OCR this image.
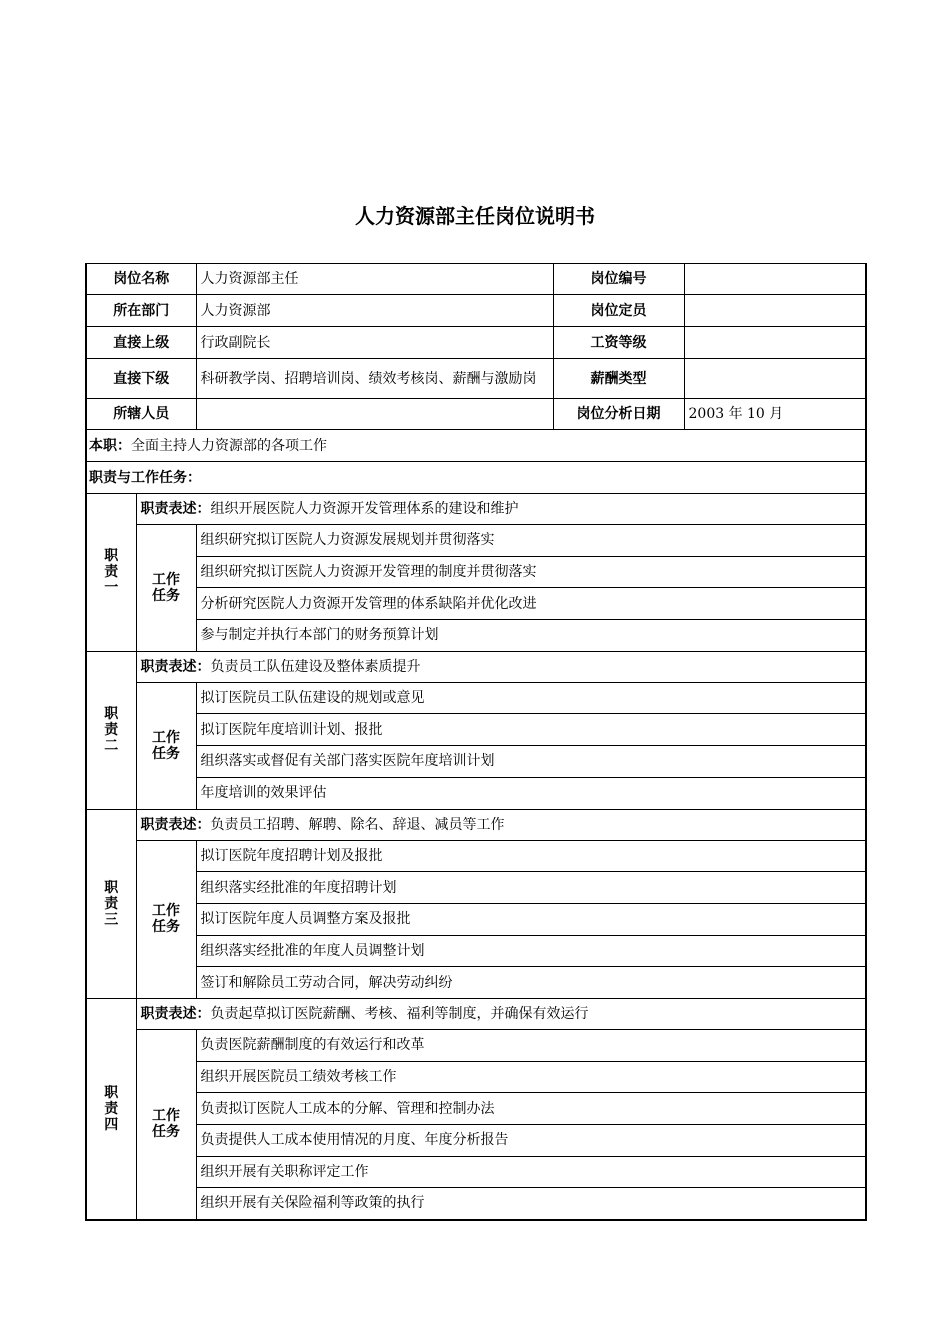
人力资源部主任岗位说明书
岗位名称		人力资源部主任	岗位编号	
所在部门		人力资源部	岗位定员	
直接上级		行政副院长	工资等级	
直接下级		科研教学岗、招聘培训岗、绩效考核岗、薪酬与激励岗	薪酬类型	
所辖人员			岗位分析日期	2003 年 10 月
本职：全面主持人力资源部的各项工作				
职责与工作任务：				

职
责
一	职责表述：组织开展医院人力资源开发管理体系的建设和维护			

	工作
任务	组织研究拟订医院人力资源发展规划并贯彻落实		
		组织研究拟订医院人力资源开发管理的制度并贯彻落实		
		分析研究医院人力资源开发管理的体系缺陷并优化改进		
		参与制定并执行本部门的财务预算计划		

职
责
二	职责表述：负责员工队伍建设及整体素质提升			

	工作
任务	拟订医院员工队伍建设的规划或意见		
		拟订医院年度培训计划、报批		
		组织落实或督促有关部门落实医院年度培训计划		
		年度培训的效果评估		

职
责
三	职责表述：负责员工招聘、解聘、除名、辞退、减员等工作			

	工作
任务	拟订医院年度招聘计划及报批		
		组织落实经批准的年度招聘计划		
		拟订医院年度人员调整方案及报批		
		组织落实经批准的年度人员调整计划		
		签订和解除员工劳动合同，解决劳动纠纷		

职
责
四	职责表述：负责起草拟订医院薪酬、考核、福利等制度，并确保有效运行			

	工作
任务	负责医院薪酬制度的有效运行和改革		
		组织开展医院员工绩效考核工作		
		负责拟订医院人工成本的分解、管理和控制办法		
		负责提供人工成本使用情况的月度、年度分析报告		
		组织开展有关职称评定工作		
		组织开展有关保险福利等政策的执行		
